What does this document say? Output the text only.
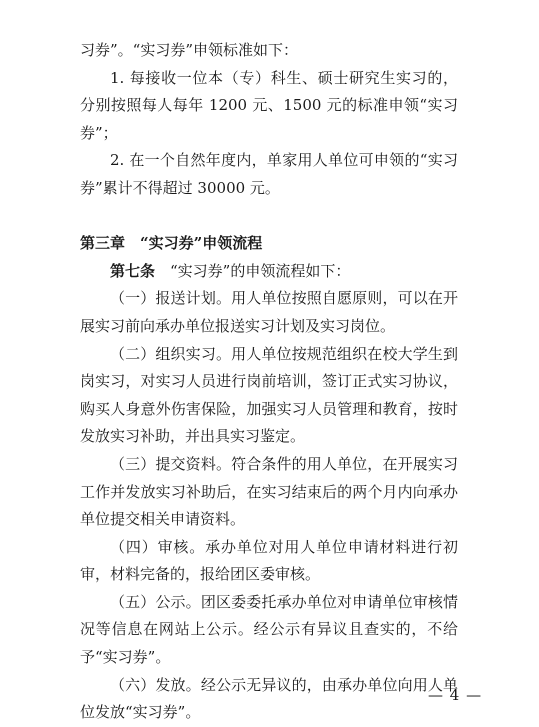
习券”。“实习券”申领标准如下：

1. 每接收一位本（专）科生、硕士研究生实习的，分别按照每人每年 1200 元、1500 元的标准申领“实习券”；

2. 在一个自然年度内，单家用人单位可申领的“实习券”累计不得超过 30000 元。

第三章　“实习券”申领流程

第七条　“实习券”的申领流程如下：

（一）报送计划。用人单位按照自愿原则，可以在开展实习前向承办单位报送实习计划及实习岗位。

（二）组织实习。用人单位按规范组织在校大学生到岗实习，对实习人员进行岗前培训，签订正式实习协议，购买人身意外伤害保险，加强实习人员管理和教育，按时发放实习补助，并出具实习鉴定。

（三）提交资料。符合条件的用人单位，在开展实习工作并发放实习补助后，在实习结束后的两个月内向承办单位提交相关申请资料。

（四）审核。承办单位对用人单位申请材料进行初审，材料完备的，报给团区委审核。

（五）公示。团区委委托承办单位对申请单位审核情况等信息在网站上公示。经公示有异议且查实的，不给予“实习券”。

（六）发放。经公示无异议的，由承办单位向用人单位发放“实习券”。

— 4 —
